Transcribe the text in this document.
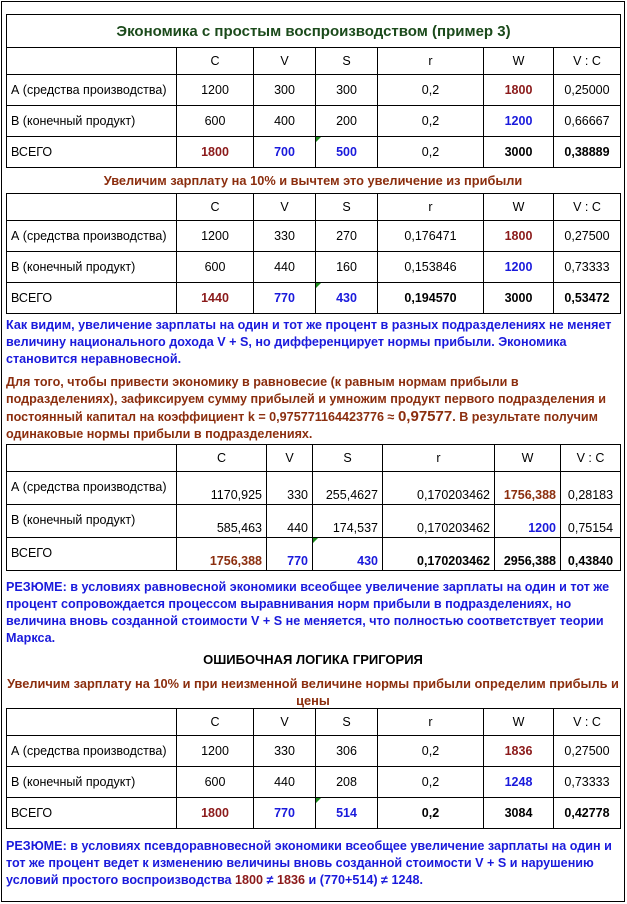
Экономика с простым воспроизводством (пример 3)						
	C	V	S	r	W	V : C
А (средства производства)	1200	300	300	0,2	1800	0,25000
В (конечный продукт)	600	400	200	0,2	1200	0,66667
ВСЕГО	1800	700	500	0,2	3000	0,38889
Увеличим зарплату на 10% и вычтем это увеличение из прибыли
	C	V	S	r	W	V : C
А (средства производства)	1200	330	270	0,176471	1800	0,27500
В (конечный продукт)	600	440	160	0,153846	1200	0,73333
ВСЕГО	1440	770	430	0,194570	3000	0,53472
Как видим, увеличение зарплаты на один и тот же процент в разных подразделениях не меняет величину национального дохода V + S, но дифференцирует нормы прибыли. Экономика становится неравновесной.
Для того, чтобы привести экономику в равновесие (к равным нормам прибыли в подразделениях), зафиксируем сумму прибылей и умножим продукт первого подразделения и постоянный капитал на коэффициент k = 0,975771164423776 ≈ 0,97577. В результате получим одинаковые нормы прибыли в подразделениях.
	C	V	S	r	W	V : C
А (средства производства)	1170,925	330	255,4627	0,170203462	1756,388	0,28183
В (конечный продукт)	585,463	440	174,537	0,170203462	1200	0,75154
ВСЕГО	1756,388	770	430	0,170203462	2956,388	0,43840
РЕЗЮМЕ: в условиях равновесной экономики всеобщее увеличение зарплаты на один и тот же процент сопровождается процессом выравнивания норм прибыли в подразделениях, но величина вновь созданной стоимости V + S не меняется, что полностью соответствует теории Маркса.
ОШИБОЧНАЯ ЛОГИКА ГРИГОРИЯ
Увеличим зарплату на 10% и при неизменной величине нормы прибыли определим прибыль и цены
	C	V	S	r	W	V : C
А (средства производства)	1200	330	306	0,2	1836	0,27500
В (конечный продукт)	600	440	208	0,2	1248	0,73333
ВСЕГО	1800	770	514	0,2	3084	0,42778
РЕЗЮМЕ: в условиях псевдоравновесной экономики всеобщее увеличение зарплаты на один и тот же процент ведет к изменению величины вновь созданной стоимости V + S и нарушению условий простого воспроизводства 1800 ≠ 1836 и (770+514) ≠ 1248.
